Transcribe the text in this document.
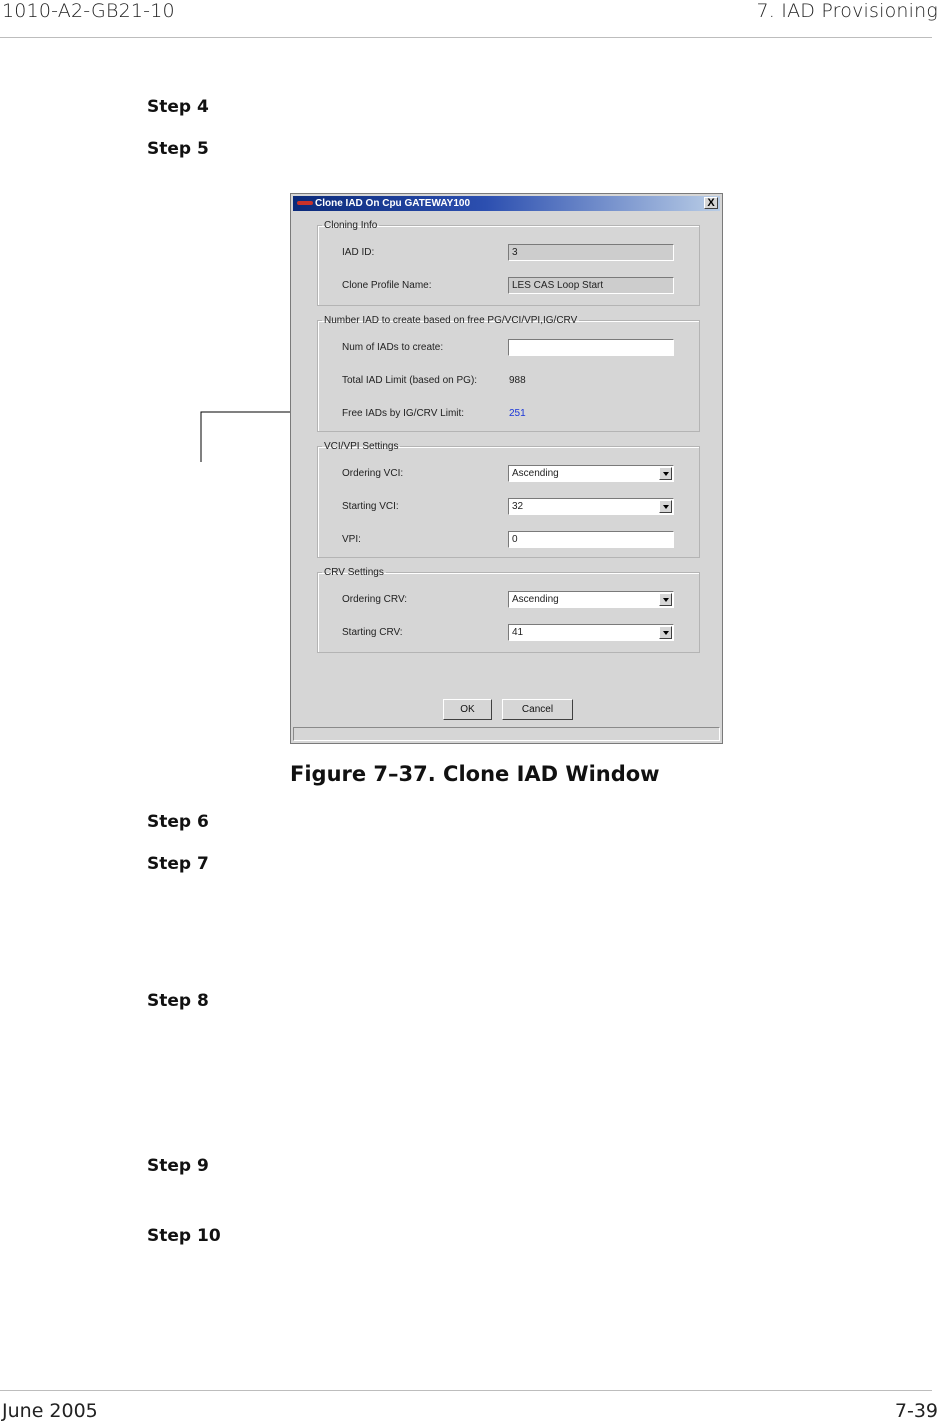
1010-A2-GB21-10	7. IAD Provisioning
Step 4
Step 5
Clone IAD On Cpu GATEWAY100	X
Cloning Info
IAD ID:	3
Clone Profile Name:	LES CAS Loop Start
Number IAD to create based on free PG/VCI/VPI,IG/CRV
Num of IADs to create:
Total IAD Limit (based on PG):	988
Free IADs by IG/CRV Limit:	251
VCI/VPI Settings
Ordering VCI:	Ascending
Starting VCI:	32
VPI:	0
CRV Settings
Ordering CRV:	Ascending
Starting CRV:	41
OK	Cancel
Figure 7–37. Clone IAD Window
Step 6
Step 7
Step 8
Step 9
Step 10
June 2005	7-39
